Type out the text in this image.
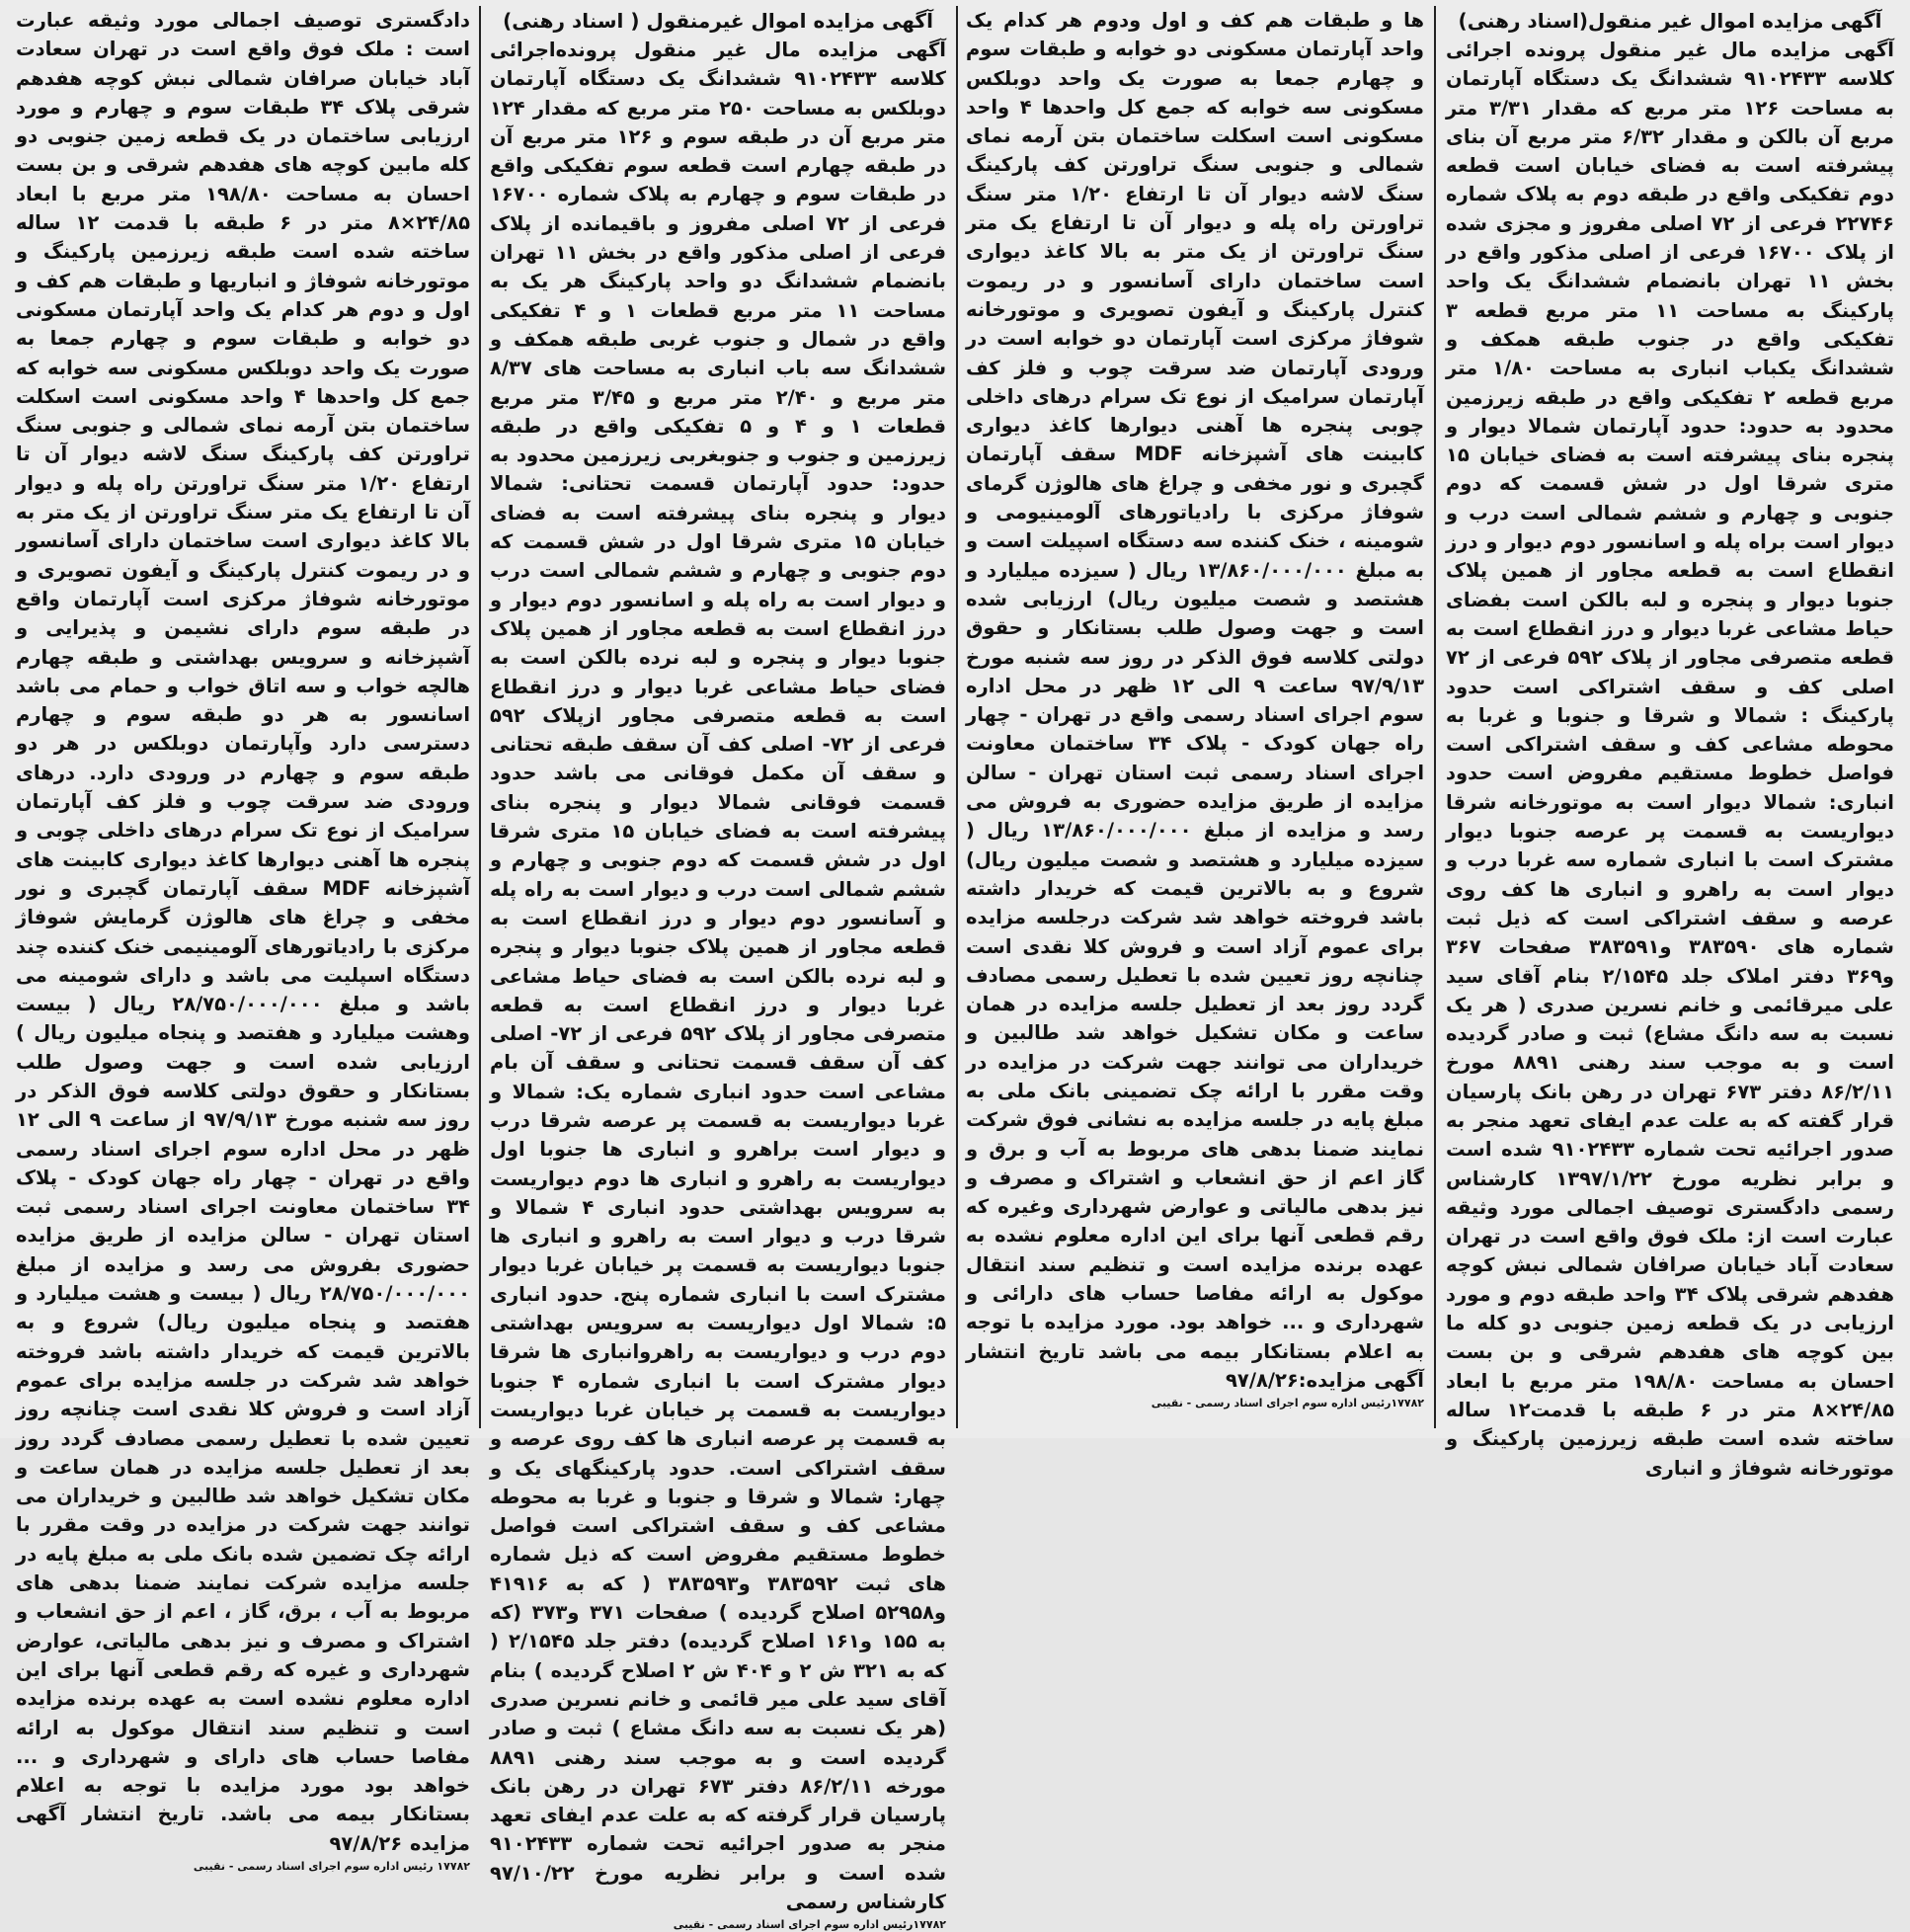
آگهی مزایده اموال غیر منقول(اسناد رهنی)

آگهی مزایده مال غیر منقول پرونده اجرائی کلاسه ۹۱۰۲۴۳۳ ششدانگ یک دستگاه آپارتمان به مساحت ۱۲۶ متر مربع که مقدار ۳/۳۱ متر مربع آن بالکن و مقدار ۶/۳۲ متر مربع آن بنای پیشرفته است به فضای خیابان است قطعه دوم تفکیکی واقع در طبقه دوم به پلاک شماره ۲۲۷۴۶ فرعی از ۷۲ اصلی مفروز و مجزی شده از پلاک ۱۶۷۰۰ فرعی از اصلی مذکور واقع در بخش ۱۱ تهران بانضمام ششدانگ یک واحد پارکینگ به مساحت ۱۱ متر مربع قطعه ۳ تفکیکی واقع در جنوب طبقه همکف و ششدانگ یکباب انباری به مساحت ۱/۸۰ متر مربع قطعه ۲ تفکیکی واقع در طبقه زیرزمین محدود به حدود: حدود آپارتمان شمالا دیوار و پنجره بنای پیشرفته است به فضای خیابان ۱۵ متری شرقا اول در شش قسمت که دوم جنوبی و چهارم و ششم شمالی است درب و دیوار است براه پله و اسانسور دوم دیوار و درز انقطاع است به قطعه مجاور از همین پلاک جنوبا دیوار و پنجره و لبه بالکن است بفضای حیاط مشاعی غربا دیوار و درز انقطاع است به قطعه متصرفی مجاور از پلاک ۵۹۲ فرعی از ۷۲ اصلی کف و سقف اشتراکی است حدود پارکینگ : شمالا و شرقا و جنوبا و غربا به محوطه مشاعی کف و سقف اشتراکی است فواصل خطوط مستقیم مفروض است حدود انباری: شمالا دیوار است به موتورخانه شرقا دیواریست به قسمت پر عرصه جنوبا دیوار مشترک است با انباری شماره سه غربا درب و دیوار است به راهرو و انباری ها کف روی عرصه و سقف اشتراکی است که ذیل ثبت شماره های ۳۸۳۵۹۰ و۳۸۳۵۹۱ صفحات ۳۶۷ و۳۶۹ دفتر املاک جلد ۲/۱۵۴۵ بنام آقای سید علی میرقائمی و خانم نسرین صدری ( هر یک نسبت به سه دانگ مشاع) ثبت و صادر گردیده است و به موجب سند رهنی ۸۸۹۱ مورخ ۸۶/۲/۱۱ دفتر ۶۷۳ تهران در رهن بانک پارسیان قرار گفته که به علت عدم ایفای تعهد منجر به صدور اجرائیه تحت شماره ۹۱۰۲۴۳۳ شده است و برابر نظریه مورخ ۱۳۹۷/۱/۲۲ کارشناس رسمی دادگستری توصیف اجمالی مورد وثیقه عبارت است از: ملک فوق واقع است در تهران سعادت آباد خیابان صرافان شمالی نبش کوچه هفدهم شرقی پلاک ۳۴ واحد طبقه دوم و مورد ارزیابی در یک قطعه زمین جنوبی دو کله ما بین کوچه های هفدهم شرقی و بن بست احسان به مساحت ۱۹۸/۸۰ متر مربع با ابعاد ۲۴/۸۵×۸ متر در ۶ طبقه با قدمت۱۲ ساله ساخته شده است طبقه زیرزمین پارکینگ و موتورخانه شوفاژ و انباری

ها و طبقات هم کف و اول ودوم هر کدام یک واحد آپارتمان مسکونی دو خوابه و طبقات سوم و چهارم جمعا به صورت یک واحد دوبلکس مسکونی سه خوابه که جمع کل واحدها ۴ واحد مسکونی است اسکلت ساختمان بتن آرمه نمای شمالی و جنوبی سنگ تراورتن کف پارکینگ سنگ لاشه دیوار آن تا ارتفاع ۱/۲۰ متر سنگ تراورتن راه پله و دیوار آن تا ارتفاع یک متر سنگ تراورتن از یک متر به بالا کاغذ دیواری است ساختمان دارای آسانسور و در ریموت کنترل پارکینگ و آیفون تصویری و موتورخانه شوفاژ مرکزی است آپارتمان دو خوابه است در ورودی آپارتمان ضد سرقت چوب و فلز کف آپارتمان سرامیک از نوع تک سرام درهای داخلی چوبی پنجره ها آهنی دیوارها کاغذ دیواری کابینت های آشپزخانه MDF سقف آپارتمان گچبری و نور مخفی و چراغ های هالوژن گرمای شوفاژ مرکزی با رادیاتورهای آلومینیومی و شومینه ، خنک کننده سه دستگاه اسپیلت است و به مبلغ ۱۳/۸۶۰/۰۰۰/۰۰۰ ریال ( سیزده میلیارد و هشتصد و شصت میلیون ریال) ارزیابی شده است و جهت وصول طلب بستانکار و حقوق دولتی کلاسه فوق الذکر در روز سه شنبه مورخ ۹۷/۹/۱۳ ساعت ۹ الی ۱۲ ظهر در محل اداره سوم اجرای اسناد رسمی واقع در تهران - چهار راه جهان کودک - پلاک ۳۴ ساختمان معاونت اجرای اسناد رسمی ثبت استان تهران - سالن مزایده از طریق مزایده حضوری به فروش می رسد و مزایده از مبلغ ۱۳/۸۶۰/۰۰۰/۰۰۰ ریال ( سیزده میلیارد و هشتصد و شصت میلیون ریال) شروع و به بالاترین قیمت که خریدار داشته باشد فروخته خواهد شد شرکت درجلسه مزایده برای عموم آزاد است و فروش کلا نقدی است چنانچه روز تعیین شده با تعطیل رسمی مصادف گردد روز بعد از تعطیل جلسه مزایده در همان ساعت و مکان تشکیل خواهد شد طالبین و خریداران می توانند جهت شرکت در مزایده در وقت مقرر با ارائه چک تضمینی بانک ملی به مبلغ پایه در جلسه مزایده به نشانی فوق شرکت نمایند ضمنا بدهی های مربوط به آب و برق و گاز اعم از حق انشعاب و اشتراک و مصرف و نیز بدهی مالیاتی و عوارض شهرداری وغیره که رقم قطعی آنها برای این اداره معلوم نشده به عهده برنده مزایده است و تنظیم سند انتقال موکول به ارائه مفاصا حساب های دارائی و شهرداری و ... خواهد بود. مورد مزایده با توجه به اعلام بستانکار بیمه می باشد تاریخ انتشار آگهی مزایده:۹۷/۸/۲۶

۱۷۷۸۲رئیس اداره سوم اجرای اسناد رسمی - نقیبی
آگهی مزایده اموال غیرمنقول ( اسناد رهنی)

آگهی مزایده مال غیر منقول پرونده‌اجرائی کلاسه ۹۱۰۲۴۳۳ ششدانگ یک دستگاه آپارتمان دوبلکس به مساحت ۲۵۰ متر مربع که مقدار ۱۲۴ متر مربع آن در طبقه سوم و ۱۲۶ متر مربع آن در طبقه چهارم است قطعه سوم تفکیکی واقع در طبقات سوم و چهارم به پلاک شماره ۱۶۷۰۰ فرعی از ۷۲ اصلی مفروز و باقیمانده از پلاک فرعی از اصلی مذکور واقع در بخش ۱۱ تهران بانضمام ششدانگ دو واحد پارکینگ هر یک به مساحت ۱۱ متر مربع قطعات ۱ و ۴ تفکیکی واقع در شمال و جنوب غربی طبقه همکف و ششدانگ سه باب انباری به مساحت های ۸/۳۷ متر مربع و ۲/۴۰ متر مربع و ۳/۴۵ متر مربع قطعات ۱ و ۴ و ۵ تفکیکی واقع در طبقه زیرزمین و جنوب و جنوبغربی زیرزمین محدود به حدود: حدود آپارتمان قسمت تحتانی: شمالا دیوار و پنجره بنای پیشرفته است به فضای خیابان ۱۵ متری شرقا اول در شش قسمت که دوم جنوبی و چهارم و ششم شمالی است درب و دیوار است به راه پله و اسانسور دوم دیوار و درز انقطاع است به قطعه مجاور از همین پلاک جنوبا دیوار و پنجره و لبه نرده بالکن است به فضای حیاط مشاعی غربا دیوار و درز انقطاع است به قطعه متصرفی مجاور ازپلاک ۵۹۲ فرعی از ۷۲- اصلی کف آن سقف طبقه تحتانی و سقف آن مکمل فوقانی می باشد حدود قسمت فوقانی شمالا دیوار و پنجره بنای پیشرفته است به فضای خیابان ۱۵ متری شرقا اول در شش قسمت که دوم جنوبی و چهارم و ششم شمالی است درب و دیوار است به راه پله و آسانسور دوم دیوار و درز انقطاع است به قطعه مجاور از همین پلاک جنوبا دیوار و پنجره و لبه نرده بالکن است به فضای حیاط مشاعی غربا دیوار و درز انقطاع است به قطعه متصرفی مجاور از پلاک ۵۹۲ فرعی از ۷۲- اصلی کف آن سقف قسمت تحتانی و سقف آن بام مشاعی است حدود انباری شماره یک: شمالا و غربا دیواریست به قسمت پر عرصه شرقا درب و دیوار است براهرو و انباری ها جنوبا اول دیواریست به راهرو و انباری ها دوم دیواریست به سرویس بهداشتی حدود انباری ۴ شمالا و شرقا درب و دیوار است به راهرو و انباری ها جنوبا دیواریست به قسمت پر خیابان غربا دیوار مشترک است با انباری شماره پنج. حدود انباری ۵: شمالا اول دیواریست به سرویس بهداشتی دوم درب و دیواریست به راهروانباری ها شرقا دیوار مشترک است با انباری شماره ۴ جنوبا دیواریست به قسمت پر خیابان غربا دیواریست به قسمت پر عرصه انباری ها کف روی عرصه و سقف اشتراکی است. حدود پارکینگهای یک و چهار: شمالا و شرقا و جنوبا و غربا به محوطه مشاعی کف و سقف اشتراکی است فواصل خطوط مستقیم مفروض است که ذیل شماره های ثبت ۳۸۳۵۹۲ و۳۸۳۵۹۳ ( که به ۴۱۹۱۶ و۵۲۹۵۸ اصلاح گردیده ) صفحات ۳۷۱ و۳۷۳ (که به ۱۵۵ و۱۶۱ اصلاح گردیده) دفتر جلد ۲/۱۵۴۵ ( که به ۳۲۱ ش ۲ و ۴۰۴ ش ۲ اصلاح گردیده ) بنام آقای سید علی میر قائمی و خانم نسرین صدری (هر یک نسبت به سه دانگ مشاع ) ثبت و صادر گردیده است و به موجب سند رهنی ۸۸۹۱ مورخه ۸۶/۲/۱۱ دفتر ۶۷۳ تهران در رهن بانک پارسیان قرار گرفته که به علت عدم ایفای تعهد منجر به صدور اجرائیه تحت شماره ۹۱۰۲۴۳۳ شده است و برابر نظریه مورخ ۹۷/۱۰/۲۲ کارشناس رسمی

۱۷۷۸۲رئیس اداره سوم اجرای اسناد رسمی - نقیبی

دادگستری توصیف اجمالی مورد وثیقه عبارت است : ملک فوق واقع است در تهران سعادت آباد خیابان صرافان شمالی نبش کوچه هفدهم شرقی پلاک ۳۴ طبقات سوم و چهارم و مورد ارزیابی ساختمان در یک قطعه زمین جنوبی دو کله مابین کوچه های هفدهم شرقی و بن بست احسان به مساحت ۱۹۸/۸۰ متر مربع با ابعاد ۲۴/۸۵×۸ متر در ۶ طبقه با قدمت ۱۲ ساله ساخته شده است طبقه زیرزمین پارکینگ و موتورخانه شوفاژ و انباریها و طبقات هم کف و اول و دوم هر کدام یک واحد آپارتمان مسکونی دو خوابه و طبقات سوم و چهارم جمعا به صورت یک واحد دوبلکس مسکونی سه خوابه که جمع کل واحدها ۴ واحد مسکونی است اسکلت ساختمان بتن آرمه نمای شمالی و جنوبی سنگ تراورتن کف پارکینگ سنگ لاشه دیوار آن تا ارتفاع ۱/۲۰ متر سنگ تراورتن راه پله و دیوار آن تا ارتفاع یک متر سنگ تراورتن از یک متر به بالا کاغذ دیواری است ساختمان دارای آسانسور و در ریموت کنترل پارکینگ و آیفون تصویری و موتورخانه شوفاژ مرکزی است آپارتمان واقع در طبقه سوم دارای نشیمن و پذیرایی و آشپزخانه و سرویس بهداشتی و طبقه چهارم هالچه خواب و سه اتاق خواب و حمام می باشد اسانسور به هر دو طبقه سوم و چهارم دسترسی دارد وآپارتمان دوبلکس در هر دو طبقه سوم و چهارم در ورودی دارد. درهای ورودی ضد سرقت چوب و فلز کف آپارتمان سرامیک از نوع تک سرام درهای داخلی چوبی و پنجره ها آهنی دیوارها کاغذ دیواری کابینت های آشپزخانه MDF سقف آپارتمان گچبری و نور مخفی و چراغ های هالوژن گرمایش شوفاژ مرکزی با رادیاتورهای آلومینیمی خنک کننده چند دستگاه اسپلیت می باشد و دارای شومینه می باشد و مبلغ ۲۸/۷۵۰/۰۰۰/۰۰۰ ریال ( بیست وهشت میلیارد و هفتصد و پنجاه میلیون ریال ) ارزیابی شده است و جهت وصول طلب بستانکار و حقوق دولتی کلاسه فوق الذکر در روز سه شنبه مورخ ۹۷/۹/۱۳ از ساعت ۹ الی ۱۲ ظهر در محل اداره سوم اجرای اسناد رسمی واقع در تهران - چهار راه جهان کودک - پلاک ۳۴ ساختمان معاونت اجرای اسناد رسمی ثبت استان تهران - سالن مزایده از طریق مزایده حضوری بفروش می رسد و مزایده از مبلغ ۲۸/۷۵۰/۰۰۰/۰۰۰ ریال ( بیست و هشت میلیارد و هفتصد و پنجاه میلیون ریال) شروع و به بالاترین قیمت که خریدار داشته باشد فروخته خواهد شد شرکت در جلسه مزایده برای عموم آزاد است و فروش کلا نقدی است چنانچه روز تعیین شده با تعطیل رسمی مصادف گردد روز بعد از تعطیل جلسه مزایده در همان ساعت و مکان تشکیل خواهد شد طالبین و خریداران می توانند جهت شرکت در مزایده در وقت مقرر با ارائه چک تضمین شده بانک ملی به مبلغ پایه در جلسه مزایده شرکت نمایند ضمنا بدهی های مربوط به آب ، برق، گاز ، اعم از حق انشعاب و اشتراک و مصرف و نیز بدهی مالیاتی، عوارض شهرداری و غیره که رقم قطعی آنها برای این اداره معلوم نشده است به عهده برنده مزایده است و تنظیم سند انتقال موکول به ارائه مفاصا حساب های دارای و شهرداری و ... خواهد بود مورد مزایده با توجه به اعلام بستانکار بیمه می باشد. تاریخ انتشار آگهی مزایده ۹۷/۸/۲۶

۱۷۷۸۲ رئیس اداره سوم اجرای اسناد رسمی - نقیبی
